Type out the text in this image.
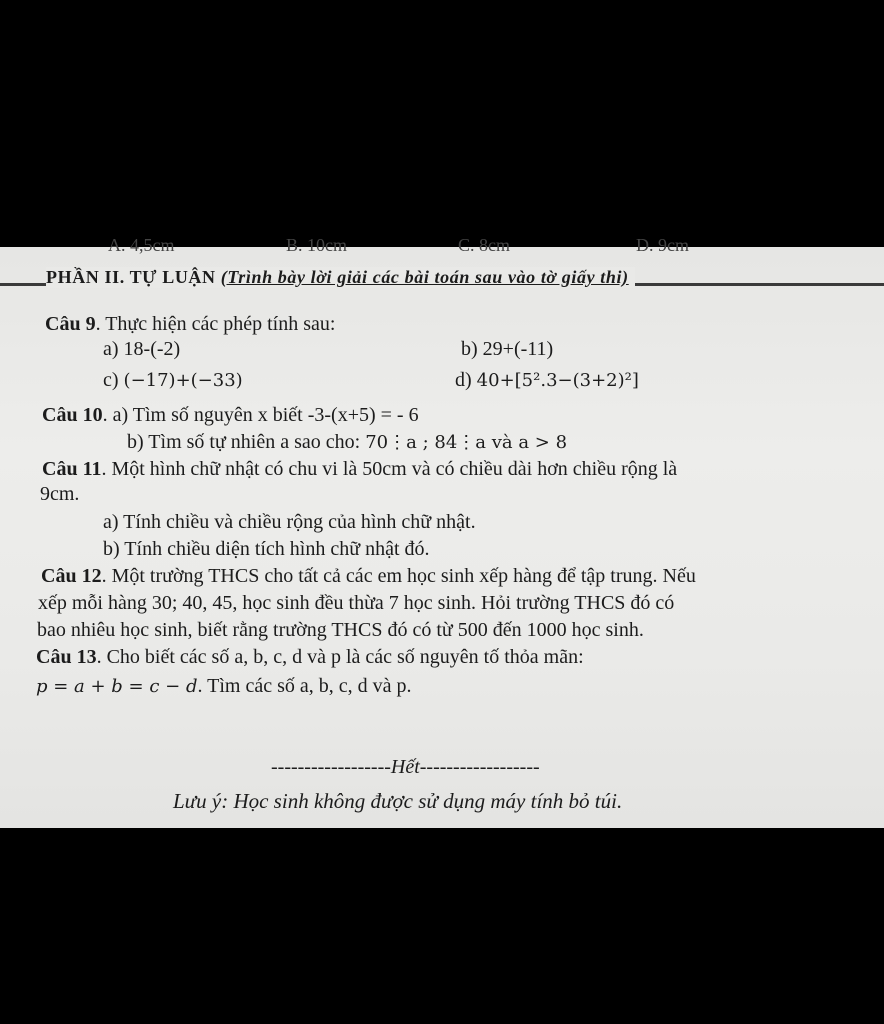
A. 4,5cm	B. 10cm	C. 8cm	D. 9cm
PHẦN II. TỰ LUẬN (Trình bày lời giải các bài toán sau vào tờ giấy thi)
Câu 9. Thực hiện các phép tính sau:
a) 18-(-2)	b) 29+(-11)
c) (−17)+(−33)	d) 40+[5².3−(3+2)²]
Câu 10. a) Tìm số nguyên x biết -3-(x+5) = - 6
b) Tìm số tự nhiên a sao cho: 70⋮a ; 84⋮a và a > 8
Câu 11. Một hình chữ nhật có chu vi là 50cm và có chiều dài hơn chiều rộng là
9cm.
a) Tính chiều và chiều rộng của hình chữ nhật.
b) Tính chiều diện tích hình chữ nhật đó.
Câu 12. Một trường THCS cho tất cả các em học sinh xếp hàng để tập trung. Nếu
xếp mỗi hàng 30; 40, 45, học sinh đều thừa 7 học sinh. Hỏi trường THCS đó có
bao nhiêu học sinh, biết rằng trường THCS đó có từ 500 đến 1000 học sinh.
Câu 13. Cho biết các số a, b, c, d và p là các số nguyên tố thỏa mãn:
p = a + b = c − d. Tìm các số a, b, c, d và p.
------------------Hết------------------
Lưu ý: Học sinh không được sử dụng máy tính bỏ túi.
